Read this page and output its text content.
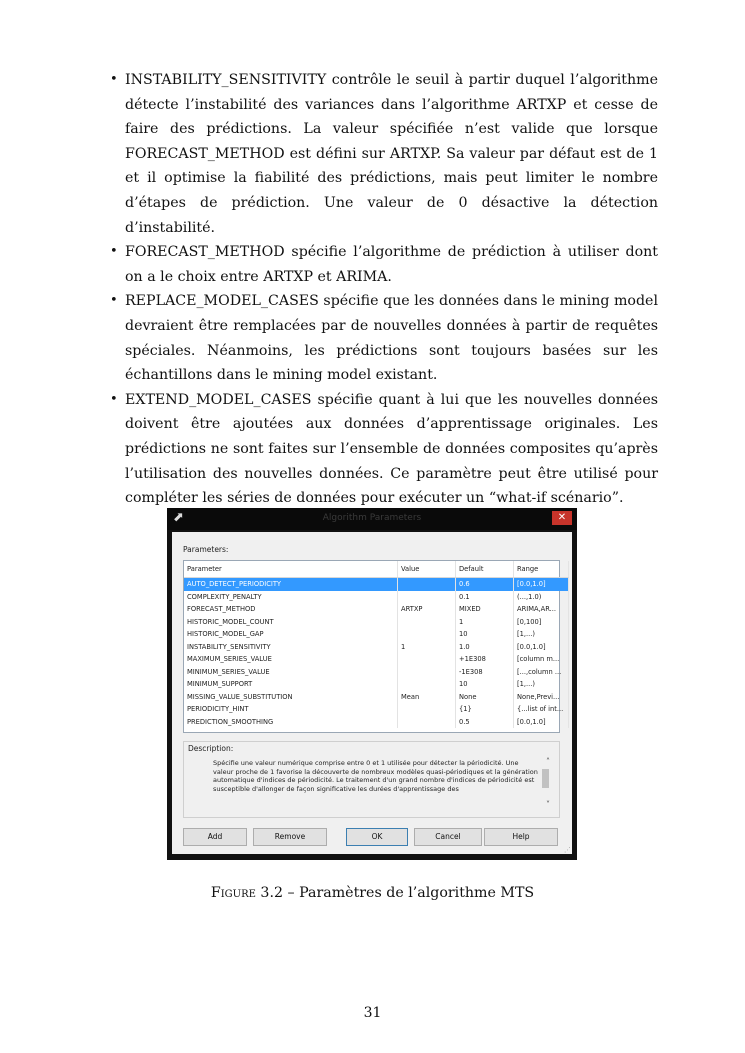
• INSTABILITY_SENSITIVITY contrôle le seuil à partir duquel l’algorithme détecte l’instabilité des variances dans l’algorithme ARTXP et cesse de faire des prédictions. La valeur spécifiée n’est valide que lorsque FORECAST_METHOD est défini sur ARTXP. Sa valeur par défaut est de 1 et il optimise la fiabilité des prédictions, mais peut limiter le nombre d’étapes de prédiction. Une valeur de 0 désactive la détection d’instabilité.
• FORECAST_METHOD spécifie l’algorithme de prédiction à utiliser dont on a le choix entre ARTXP et ARIMA.
• REPLACE_MODEL_CASES spécifie que les données dans le mining model devraient être remplacées par de nouvelles données à partir de requêtes spéciales. Néanmoins, les prédictions sont toujours basées sur les échantillons dans le mining model existant.
• EXTEND_MODEL_CASES spécifie quant à lui que les nouvelles données doivent être ajoutées aux données d’apprentissage originales. Les prédictions ne sont faites sur l’ensemble de données composites qu’après l’utilisation des nouvelles données. Ce paramètre peut être utilisé pour compléter les séries de données pour exécuter un “what-if scénario”.
⬈	Algorithm Parameters	✕
Parameters:
Parameter	Value	Default	Range
AUTO_DETECT_PERIODICITY		0.6	[0.0,1.0]
COMPLEXITY_PENALTY		0.1	(...,1.0)
FORECAST_METHOD	ARTXP	MIXED	ARIMA,AR...
HISTORIC_MODEL_COUNT		1	[0,100]
HISTORIC_MODEL_GAP		10	[1,...)
INSTABILITY_SENSITIVITY	1	1.0	[0.0,1.0]
MAXIMUM_SERIES_VALUE		+1E308	[column m...
MINIMUM_SERIES_VALUE		-1E308	[...,column ...
MINIMUM_SUPPORT		10	[1,...)
MISSING_VALUE_SUBSTITUTION	Mean	None	None,Previ...
PERIODICITY_HINT		{1}	{...list of int...
PREDICTION_SMOOTHING		0.5	[0.0,1.0]
Description:
Spécifie une valeur numérique comprise entre 0 et 1 utilisée pour détecter la périodicité. Une valeur proche de 1 favorise la découverte de nombreux modèles quasi-périodiques et la génération automatique d'indices de périodicité. Le traitement d'un grand nombre d'indices de périodicité est susceptible d'allonger de façon significative les durées d'apprentissage des
˄
˅
Add	Remove	OK	Cancel	Help
⋰
Figure 3.2 – Paramètres de l’algorithme MTS
31
